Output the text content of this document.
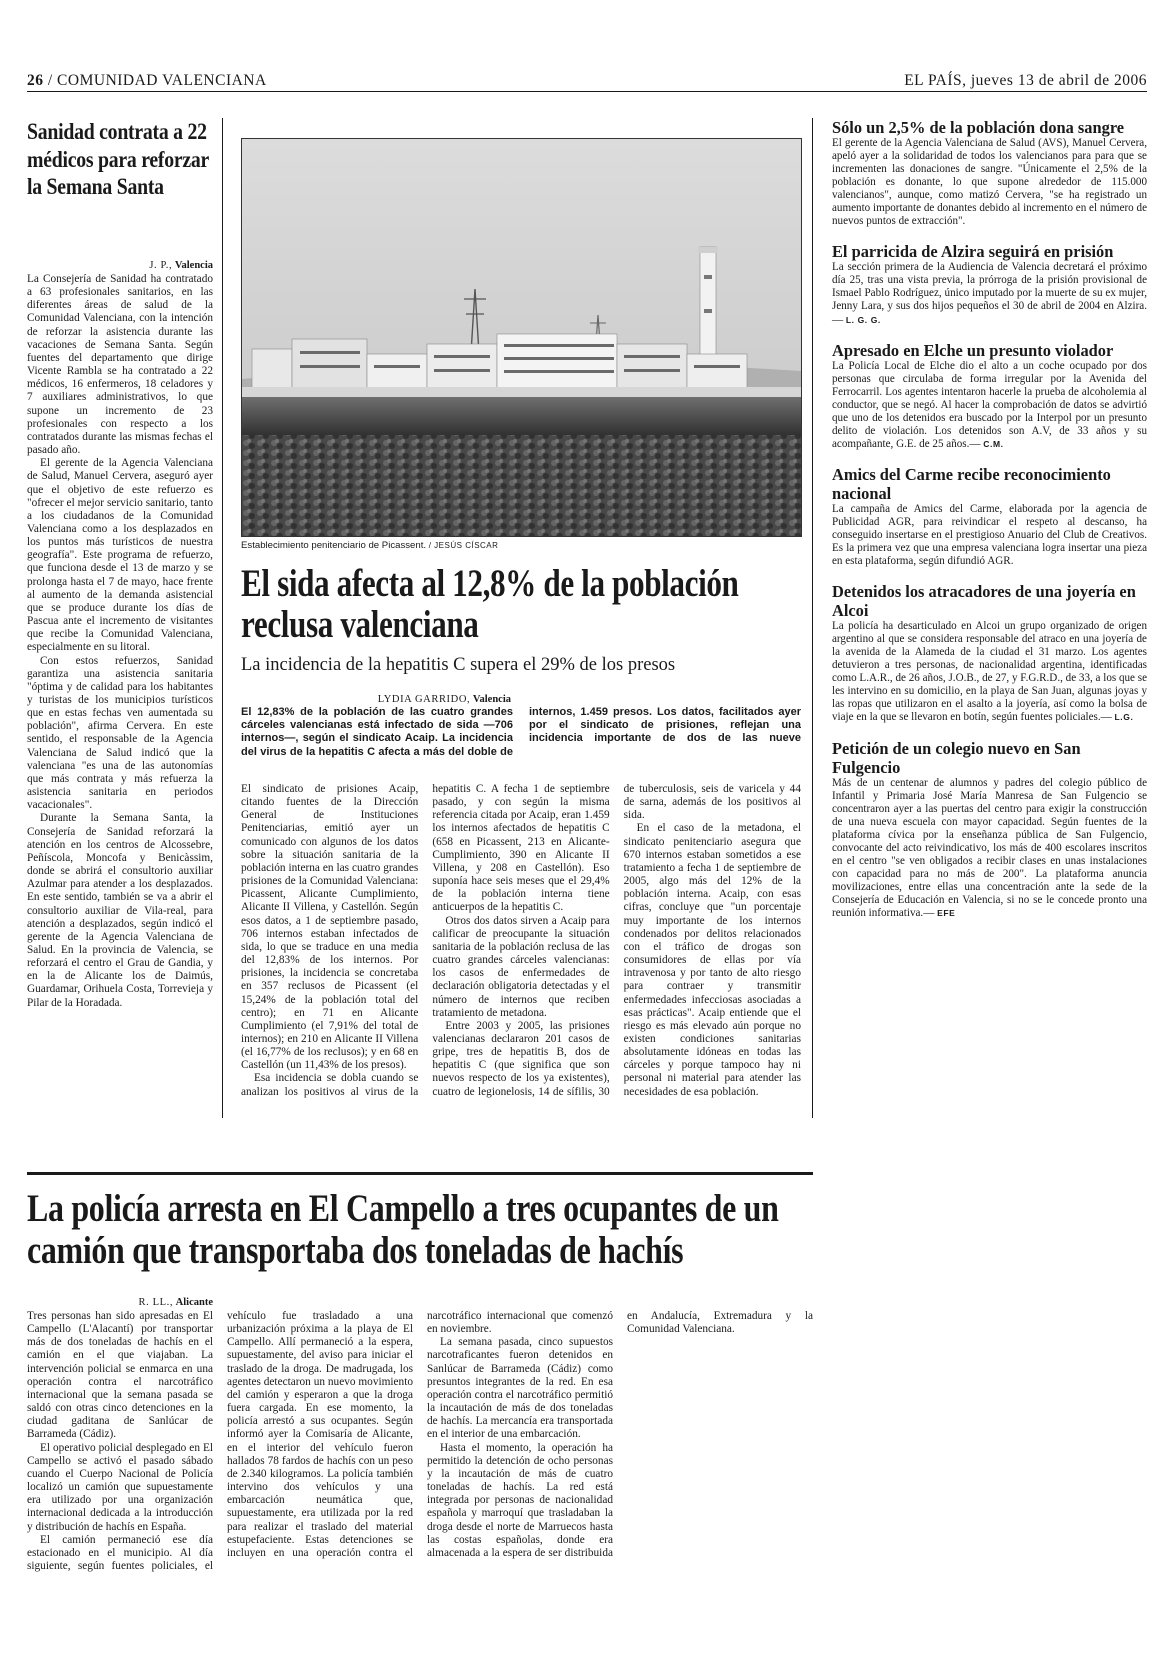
26 / COMUNIDAD VALENCIANA	EL PAÍS, jueves 13 de abril de 2006
Sanidad contrata a 22 médicos para reforzar la Semana Santa
J. P., Valencia

La Consejería de Sanidad ha contratado a 63 profesionales sanitarios, en las diferentes áreas de salud de la Comunidad Valenciana, con la intención de reforzar la asistencia durante las vacaciones de Semana Santa. Según fuentes del departamento que dirige Vicente Rambla se ha contratado a 22 médicos, 16 enfermeros, 18 celadores y 7 auxiliares administrativos, lo que supone un incremento de 23 profesionales con respecto a los contratados durante las mismas fechas el pasado año.

El gerente de la Agencia Valenciana de Salud, Manuel Cervera, aseguró ayer que el objetivo de este refuerzo es "ofrecer el mejor servicio sanitario, tanto a los ciudadanos de la Comunidad Valenciana como a los desplazados en los puntos más turísticos de nuestra geografía". Este programa de refuerzo, que funciona desde el 13 de marzo y se prolonga hasta el 7 de mayo, hace frente al aumento de la demanda asistencial que se produce durante los días de Pascua ante el incremento de visitantes que recibe la Comunidad Valenciana, especialmente en su litoral.

Con estos refuerzos, Sanidad garantiza una asistencia sanitaria "óptima y de calidad para los habitantes y turistas de los municipios turísticos que en estas fechas ven aumentada su población", afirma Cervera. En este sentido, el responsable de la Agencia Valenciana de Salud indicó que la valenciana "es una de las autonomías que más contrata y más refuerza la asistencia sanitaria en periodos vacacionales".

Durante la Semana Santa, la Consejería de Sanidad reforzará la atención en los centros de Alcossebre, Peñíscola, Moncofa y Benicàssim, donde se abrirá el consultorio auxiliar Azulmar para atender a los desplazados. En este sentido, también se va a abrir el consultorio auxiliar de Vila-real, para atención a desplazados, según indicó el gerente de la Agencia Valenciana de Salud. En la provincia de Valencia, se reforzará el centro el Grau de Gandia, y en la de Alicante los de Daimús, Guardamar, Orihuela Costa, Torrevieja y Pilar de la Horadada.

Establecimiento penitenciario de Picassent. / JESÚS CÍSCAR
El sida afecta al 12,8% de la población reclusa valenciana
La incidencia de la hepatitis C supera el 29% de los presos
LYDIA GARRIDO, Valencia

El 12,83% de la población de las cuatro grandes cárceles valencianas está infectado de sida —706 internos—, según el sindicato Acaip. La incidencia del virus de la hepatitis C afecta a más del doble de internos, 1.459 presos. Los datos, facilitados ayer por el sindicato de prisiones, reflejan una incidencia importante de dos de las nueve

El sindicato de prisiones Acaip, citando fuentes de la Dirección General de Instituciones Penitenciarias, emitió ayer un comunicado con algunos de los datos sobre la situación sanitaria de la población interna en las cuatro grandes prisiones de la Comunidad Valenciana: Picassent, Alicante Cumplimiento, Alicante II Villena, y Castellón. Según esos datos, a 1 de septiembre pasado, 706 internos estaban infectados de sida, lo que se traduce en una media del 12,83% de los internos. Por prisiones, la incidencia se concretaba en 357 reclusos de Picassent (el 15,24% de la población total del centro); en 71 en Alicante Cumplimiento (el 7,91% del total de internos); en 210 en Alicante II Villena (el 16,77% de los reclusos); y en 68 en Castellón (un 11,43% de los presos).

Esa incidencia se dobla cuando se analizan los positivos al virus de la hepatitis C. A fecha 1 de septiembre pasado, y con según la misma referencia citada por Acaip, eran 1.459 los internos afectados de hepatitis C (658 en Picassent, 213 en Alicante-Cumplimiento, 390 en Alicante II Villena, y 208 en Castellón). Eso suponía hace seis meses que el 29,4% de la población interna tiene anticuerpos de la hepatitis C.

Otros dos datos sirven a Acaip para calificar de preocupante la situación sanitaria de la población reclusa de las cuatro grandes cárceles valencianas: los casos de enfermedades de declaración obligatoria detectadas y el número de internos que reciben tratamiento de metadona.

Entre 2003 y 2005, las prisiones valencianas declararon 201 casos de gripe, tres de hepatitis B, dos de hepatitis C (que significa que son nuevos respecto de los ya existentes), cuatro de legionelosis, 14 de sífilis, 30 de tuberculosis, seis de varicela y 44 de sarna, además de los positivos al sida.

En el caso de la metadona, el sindicato penitenciario asegura que 670 internos estaban sometidos a ese tratamiento a fecha 1 de septiembre de 2005, algo más del 12% de la población interna. Acaip, con esas cifras, concluye que "un porcentaje muy importante de los internos condenados por delitos relacionados con el tráfico de drogas son consumidores de ellas por vía intravenosa y por tanto de alto riesgo para contraer y transmitir enfermedades infecciosas asociadas a esas prácticas". Acaip entiende que el riesgo es más elevado aún porque no existen condiciones sanitarias absolutamente idóneas en todas las cárceles y porque tampoco hay ni personal ni material para atender las necesidades de esa población.

La policía arresta en El Campello a tres ocupantes de un camión que transportaba dos toneladas de hachís
R. LL., Alicante

Tres personas han sido apresadas en El Campello (L'Alacantí) por transportar más de dos toneladas de hachís en el camión en el que viajaban. La intervención policial se enmarca en una operación contra el narcotráfico internacional que la semana pasada se saldó con otras cinco detenciones en la ciudad gaditana de Sanlúcar de Barrameda (Cádiz).

El operativo policial desplegado en El Campello se activó el pasado sábado cuando el Cuerpo Nacional de Policía localizó un camión que supuestamente era utilizado por una organización internacional dedicada a la introducción y distribución de hachís en España.

El camión permaneció ese día estacionado en el municipio. Al día siguiente, según fuentes policiales, el vehículo fue trasladado a una urbanización próxima a la playa de El Campello. Allí permaneció a la espera, supuestamente, del aviso para iniciar el traslado de la droga. De madrugada, los agentes detectaron un nuevo movimiento del camión y esperaron a que la droga fuera cargada. En ese momento, la policía arrestó a sus ocupantes. Según informó ayer la Comisaría de Alicante, en el interior del vehículo fueron hallados 78 fardos de hachís con un peso de 2.340 kilogramos. La policía también intervino dos vehículos y una embarcación neumática que, supuestamente, era utilizada por la red para realizar el traslado del material estupefaciente. Estas detenciones se incluyen en una operación contra el narcotráfico internacional que comenzó en noviembre.

La semana pasada, cinco supuestos narcotraficantes fueron detenidos en Sanlúcar de Barrameda (Cádiz) como presuntos integrantes de la red. En esa operación contra el narcotráfico permitió la incautación de más de dos toneladas de hachís. La mercancía era transportada en el interior de una embarcación.

Hasta el momento, la operación ha permitido la detención de ocho personas y la incautación de más de cuatro toneladas de hachís. La red está integrada por personas de nacionalidad española y marroquí que trasladaban la droga desde el norte de Marruecos hasta las costas españolas, donde era almacenada a la espera de ser distribuida en Andalucía, Extremadura y la Comunidad Valenciana.

Sólo un 2,5% de la población dona sangre
El gerente de la Agencia Valenciana de Salud (AVS), Manuel Cervera, apeló ayer a la solidaridad de todos los valencianos para para que se incrementen las donaciones de sangre. "Únicamente el 2,5% de la población es donante, lo que supone alrededor de 115.000 valencianos", aunque, como matizó Cervera, "se ha registrado un aumento importante de donantes debido al incremento en el número de nuevos puntos de extracción".
El parricida de Alzira seguirá en prisión
La sección primera de la Audiencia de Valencia decretará el próximo día 25, tras una vista previa, la prórroga de la prisión provisional de Ismael Pablo Rodríguez, único imputado por la muerte de su ex mujer, Jenny Lara, y sus dos hijos pequeños el 30 de abril de 2004 en Alzira.— L. G. G.
Apresado en Elche un presunto violador
La Policía Local de Elche dio el alto a un coche ocupado por dos personas que circulaba de forma irregular por la Avenida del Ferrocarril. Los agentes intentaron hacerle la prueba de alcoholemia al conductor, que se negó. Al hacer la comprobación de datos se advirtió que uno de los detenidos era buscado por la Interpol por un presunto delito de violación. Los detenidos son A.V, de 33 años y su acompañante, G.E. de 25 años.— C.M.
Amics del Carme recibe reconocimiento nacional
La campaña de Amics del Carme, elaborada por la agencia de Publicidad AGR, para reivindicar el respeto al descanso, ha conseguido insertarse en el prestigioso Anuario del Club de Creativos. Es la primera vez que una empresa valenciana logra insertar una pieza en esta plataforma, según difundió AGR.
Detenidos los atracadores de una joyería en Alcoi
La policía ha desarticulado en Alcoi un grupo organizado de origen argentino al que se considera responsable del atraco en una joyería de la avenida de la Alameda de la ciudad el 31 marzo. Los agentes detuvieron a tres personas, de nacionalidad argentina, identificadas como L.A.R., de 26 años, J.O.B., de 27, y F.G.R.D., de 33, a los que se les intervino en su domicilio, en la playa de San Juan, algunas joyas y las ropas que utilizaron en el asalto a la joyería, así como la bolsa de viaje en la que se llevaron en botín, según fuentes policiales.— L.G.
Petición de un colegio nuevo en San Fulgencio
Más de un centenar de alumnos y padres del colegio público de Infantil y Primaria José María Manresa de San Fulgencio se concentraron ayer a las puertas del centro para exigir la construcción de una nueva escuela con mayor capacidad. Según fuentes de la plataforma cívica por la enseñanza pública de San Fulgencio, convocante del acto reivindicativo, los más de 400 escolares inscritos en el centro "se ven obligados a recibir clases en unas instalaciones con capacidad para no más de 200". La plataforma anuncia movilizaciones, entre ellas una concentración ante la sede de la Consejería de Educación en Valencia, si no se le concede pronto una reunión informativa.— EFE
